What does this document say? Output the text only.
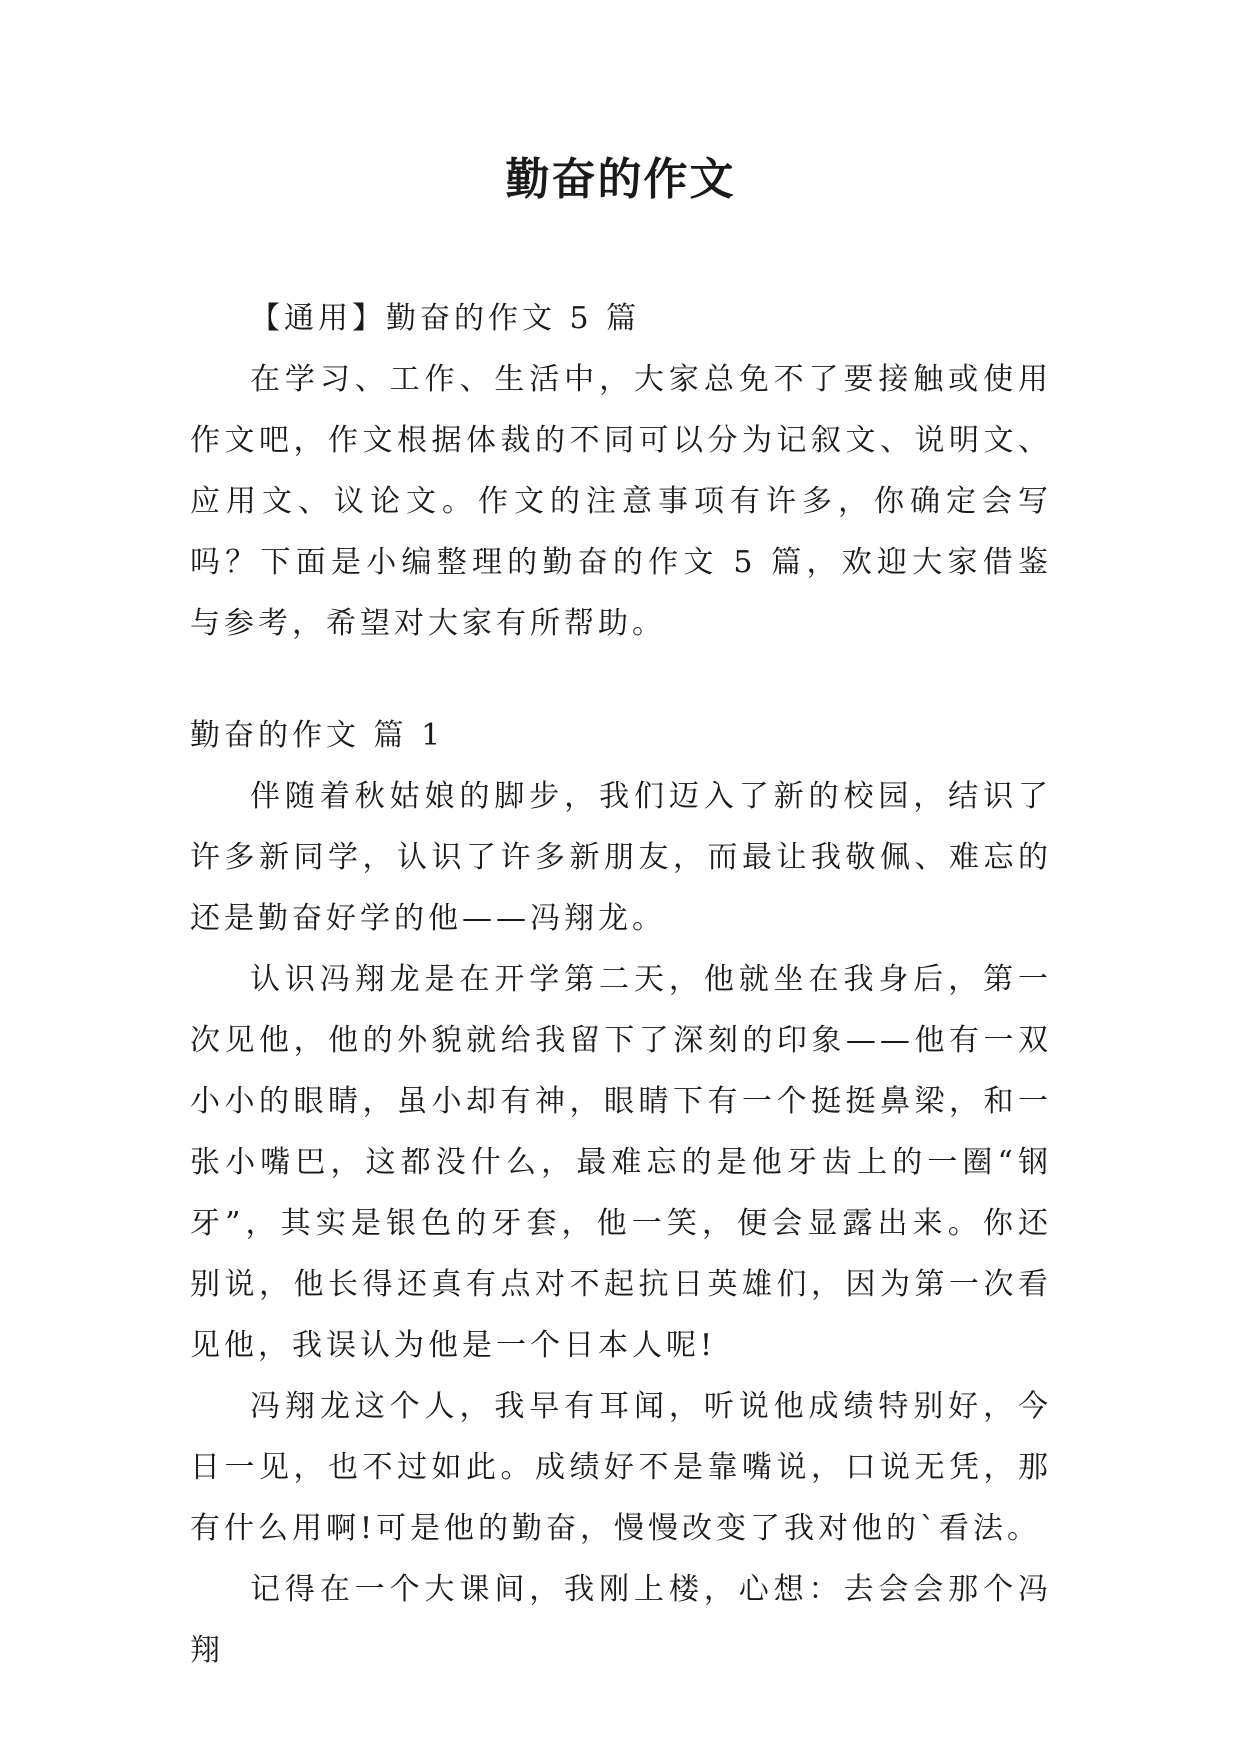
勤奋的作文

【通用】勤奋的作文 5 篇

在学习、工作、生活中，大家总免不了要接触或使用作文吧，作文根据体裁的不同可以分为记叙文、说明文、应用文、议论文。作文的注意事项有许多，你确定会写吗？下面是小编整理的勤奋的作文 5 篇，欢迎大家借鉴与参考，希望对大家有所帮助。

勤奋的作文 篇 1

伴随着秋姑娘的脚步，我们迈入了新的校园，结识了许多新同学，认识了许多新朋友，而最让我敬佩、难忘的还是勤奋好学的他——冯翔龙。

认识冯翔龙是在开学第二天，他就坐在我身后，第一次见他，他的外貌就给我留下了深刻的印象——他有一双小小的眼睛，虽小却有神，眼睛下有一个挺挺鼻梁，和一张小嘴巴，这都没什么，最难忘的是他牙齿上的一圈“钢牙”，其实是银色的牙套，他一笑，便会显露出来。你还别说，他长得还真有点对不起抗日英雄们，因为第一次看见他，我误认为他是一个日本人呢!

冯翔龙这个人，我早有耳闻，听说他成绩特别好，今日一见，也不过如此。成绩好不是靠嘴说，口说无凭，那有什么用啊!可是他的勤奋，慢慢改变了我对他的`看法。

记得在一个大课间，我刚上楼，心想：去会会那个冯翔
